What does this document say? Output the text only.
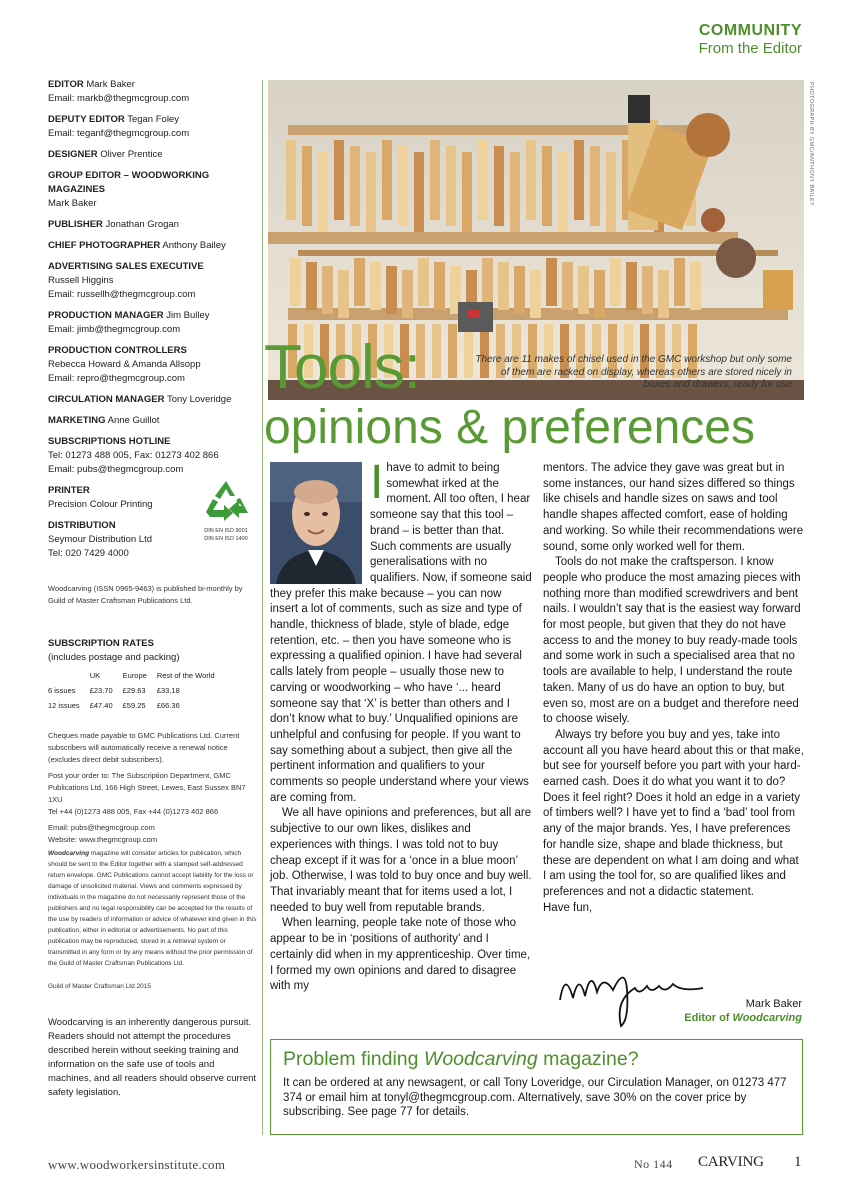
COMMUNITY
From the Editor
EDITOR Mark Baker
Email: markb@thegmcgroup.com
DEPUTY EDITOR Tegan Foley
Email: teganf@thegmcgroup.com
DESIGNER Oliver Prentice
GROUP EDITOR – WOODWORKING MAGAZINES
Mark Baker
PUBLISHER Jonathan Grogan
CHIEF PHOTOGRAPHER Anthony Bailey
ADVERTISING SALES EXECUTIVE
Russell Higgins
Email: russellh@thegmcgroup.com
PRODUCTION MANAGER Jim Bulley
Email: jimb@thegmcgroup.com
PRODUCTION CONTROLLERS
Rebecca Howard & Amanda Allsopp
Email: repro@thegmcgroup.com
CIRCULATION MANAGER Tony Loveridge
MARKETING Anne Guillot
SUBSCRIPTIONS HOTLINE
Tel: 01273 488 005, Fax: 01273 402 866
Email: pubs@thegmcgroup.com
PRINTER
Precision Colour Printing
DISTRIBUTION
Seymour Distribution Ltd
Tel: 020 7429 4000
DIN EN ISO 9001
DIN EN ISO 1400
Woodcarving (ISSN 0965-9463) is published bi-monthly by Guild of Master Craftsman Publications Ltd.
SUBSCRIPTION RATES
(includes postage and packing)
	UK	Europe	Rest of the World
6 issues	£23.70	£29.63	£33.18
12 issues	£47.40	£59.25	£66.36
Cheques made payable to GMC Publications Ltd. Current subscribers will automatically receive a renewal notice (excludes direct debit subscribers).
Post your order to: The Subscription Department, GMC Publications Ltd, 166 High Street, Lewes, East Sussex BN7 1XU
Tel +44 (0)1273 488 005, Fax +44 (0)1273 402 866
Email: pubs@thegmcgroup.com
Website: www.thegmcgroup.com
Woodcarving magazine will consider articles for publication, which should be sent to the Editor together with a stamped self-addressed return envelope. GMC Publications cannot accept liability for the loss or damage of unsolicited material. Views and comments expressed by individuals in the magazine do not necessarily represent those of the publishers and no legal responsibility can be accepted for the results of the use by readers of information or advice of whatever kind given in this publication, either in editorial or advertisements. No part of this publication may be reproduced, stored in a retrieval system or transmitted in any form or by any means without the prior permission of the Guild of Master Craftsman Publications Ltd.
Guild of Master Craftsman Ltd 2015
Woodcarving is an inherently dangerous pursuit. Readers should not attempt the procedures described herein without seeking training and information on the safe use of tools and machines, and all readers should observe current safety legislation.
PHOTOGRAPH BY GMC/ANTHONY BAILEY
Tools:	There are 11 makes of chisel used in the GMC workshop but only some of them are racked on display, whereas others are stored nicely in boxes and drawers, ready for use
opinions & preferences

Ihave to admit to being somewhat irked at the moment. All too often, I hear someone say that this tool – brand – is better than that. Such comments are usually generalisations with no qualifiers. Now, if someone said they prefer this make because – you can now insert a lot of comments, such as size and type of handle, thickness of blade, style of blade, edge retention, etc. – then you have someone who is expressing a qualified opinion. I have had several calls lately from people – usually those new to carving or woodworking – who have ‘... heard someone say that ‘X’ is better than others and I don’t know what to buy.’ Unqualified opinions are unhelpful and confusing for people. If you want to say something about a subject, then give all the pertinent information and qualifiers to your comments so people understand where your views are coming from.

We all have opinions and preferences, but all are subjective to our own likes, dislikes and experiences with things. I was told not to buy cheap except if it was for a ‘once in a blue moon’ job. Otherwise, I was told to buy once and buy well. That invariably meant that for items used a lot, I needed to buy well from reputable brands.

When learning, people take note of those who appear to be in ‘positions of authority’ and I certainly did when in my apprenticeship. Over time, I formed my own opinions and dared to disagree with my

mentors. The advice they gave was great but in some instances, our hand sizes differed so things like chisels and handle sizes on saws and tool handle shapes affected comfort, ease of holding and working. So while their recommendations were sound, some only worked well for them.

Tools do not make the craftsperson. I know people who produce the most amazing pieces with nothing more than modified screwdrivers and bent nails. I wouldn’t say that is the easiest way forward for most people, but given that they do not have access to and the money to buy ready-made tools and some work in such a specialised area that no tools are available to help, I understand the route taken. Many of us do have an option to buy, but even so, most are on a budget and therefore need to choose wisely.

Always try before you buy and yes, take into account all you have heard about this or that make, but see for yourself before you part with your hard-earned cash. Does it do what you want it to do? Does it feel right? Does it hold an edge in a variety of timbers well? I have yet to find a ‘bad’ tool from any of the major brands. Yes, I have preferences for handle size, shape and blade thickness, but these are dependent on what I am doing and what I am using the tool for, so are qualified likes and preferences and not a didactic statement.

Have fun,

Mark Baker
Editor of Woodcarving
Problem finding Woodcarving magazine?
It can be ordered at any newsagent, or call Tony Loveridge, our Circulation Manager, on 01273 477 374 or email him at tonyl@thegmcgroup.com. Alternatively, save 30% on the cover price by subscribing. See page 77 for details.
www.woodworkersinstitute.com	No 144 CARVING 1
